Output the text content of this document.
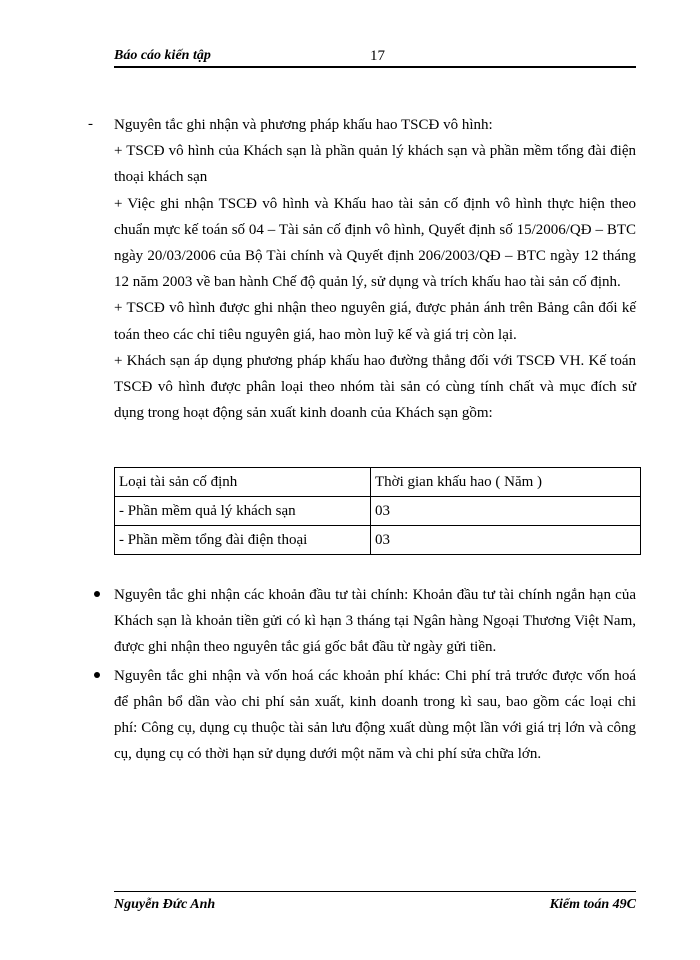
Báo cáo kiến tập	17
- Nguyên tắc ghi nhận và phương pháp khấu hao TSCĐ vô hình:

+ TSCĐ vô hình của Khách sạn là phần quản lý khách sạn và phần mềm tổng đài điện thoại khách sạn

+ Việc ghi nhận TSCĐ vô hình và Khấu hao tài sản cố định vô hình thực hiện theo chuẩn mực kế toán số 04 – Tài sản cố định vô hình, Quyết định số 15/2006/QĐ – BTC ngày 20/03/2006 của Bộ Tài chính và Quyết định 206/2003/QĐ – BTC ngày 12 tháng 12 năm 2003 về ban hành Chế độ quản lý, sử dụng và trích khấu hao tài sản cố định.

+ TSCĐ vô hình được ghi nhận theo nguyên giá, được phản ánh trên Bảng cân đối kế toán theo các chỉ tiêu nguyên giá, hao mòn luỹ kế và giá trị còn lại.

+ Khách sạn áp dụng phương pháp khấu hao đường thẳng đối với TSCĐ VH. Kế toán TSCĐ vô hình được phân loại theo nhóm tài sản có cùng tính chất và mục đích sử dụng trong hoạt động sản xuất kinh doanh của Khách sạn gồm:

Loại tài sản cố định	Thời gian khấu hao ( Năm )
- Phần mềm quả lý khách sạn	03
- Phần mềm tổng đài điện thoại	03

Nguyên tắc ghi nhận các khoản đầu tư tài chính: Khoản đầu tư tài chính ngắn hạn của Khách sạn là khoản tiền gửi có kì hạn 3 tháng tại Ngân hàng Ngoại Thương Việt Nam, được ghi nhận theo nguyên tắc giá gốc bắt đầu từ ngày gửi tiền.

Nguyên tắc ghi nhận và vốn hoá các khoản phí khác: Chi phí trả trước được vốn hoá để phân bổ dần vào chi phí sản xuất, kinh doanh trong kì sau, bao gồm các loại chi phí: Công cụ, dụng cụ thuộc tài sản lưu động xuất dùng một lần với giá trị lớn và công cụ, dụng cụ có thời hạn sử dụng dưới một năm và chi phí sửa chữa lớn.

Nguyễn Đức Anh	Kiểm toán 49C
